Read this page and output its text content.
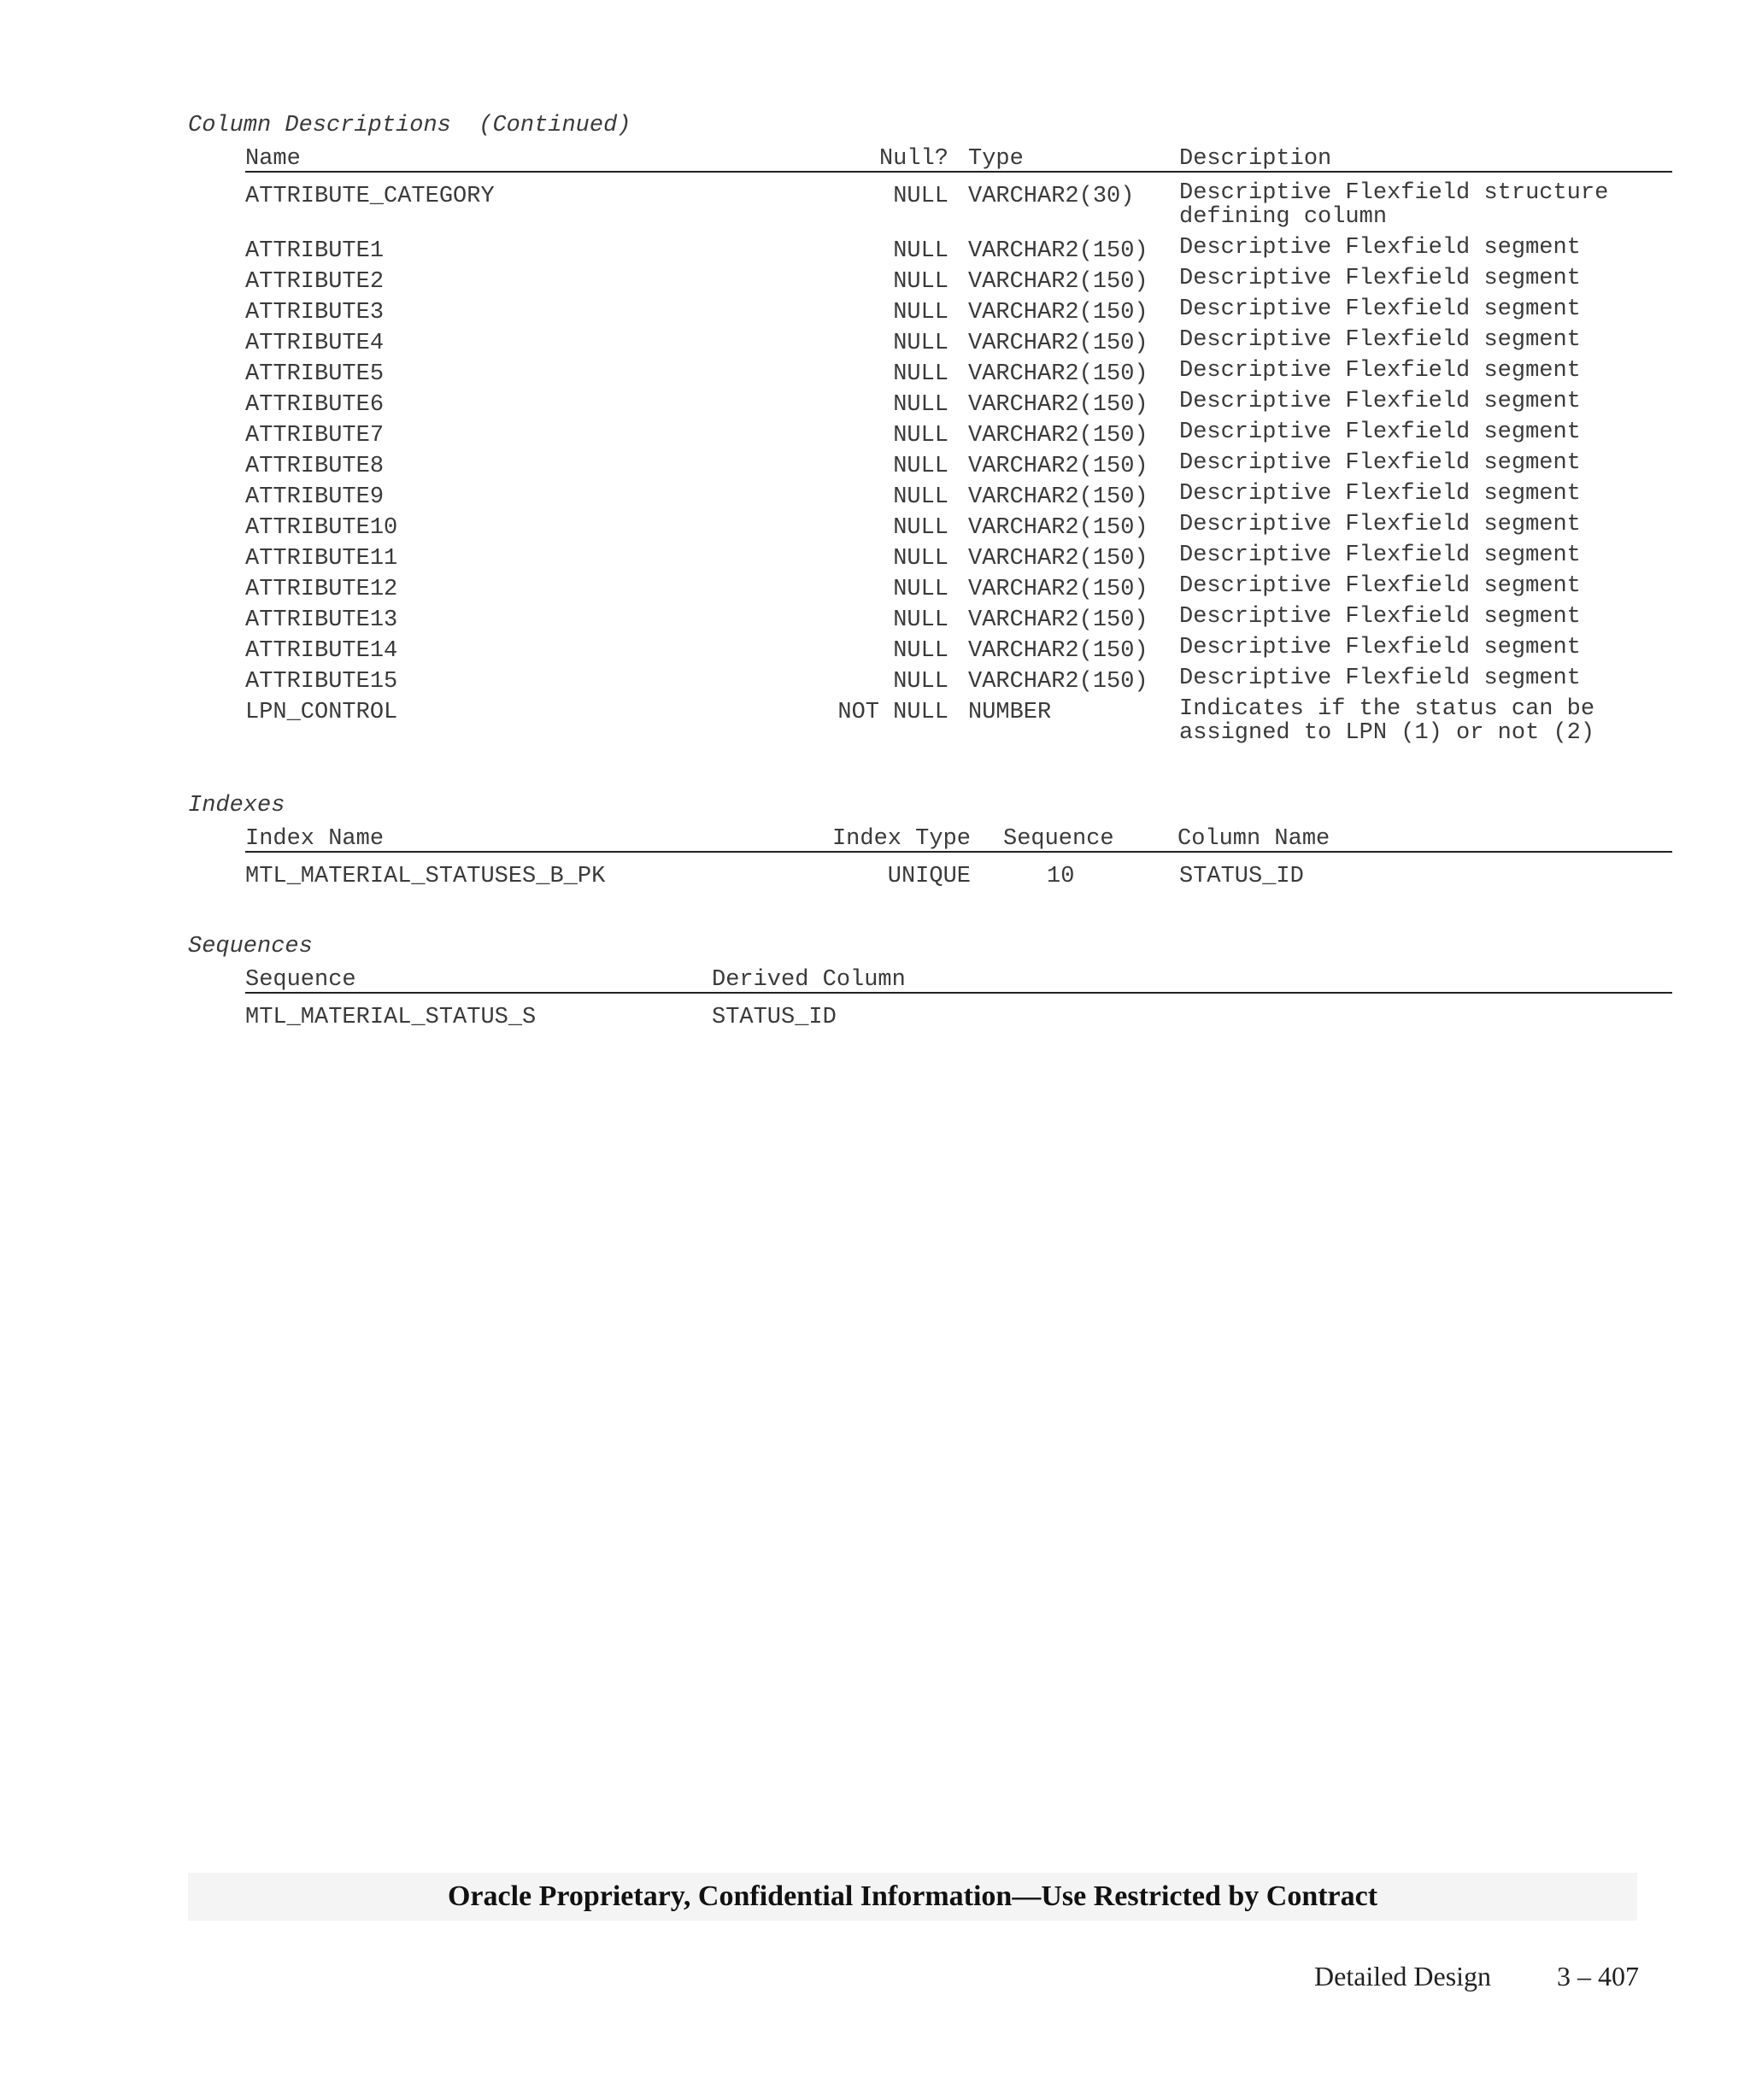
Column Descriptions (Continued)
Name	Null? Type	Description
ATTRIBUTE_CATEGORY	NULL VARCHAR2(30) Descriptive Flexfield structure
defining column
ATTRIBUTE1	NULL VARCHAR2(150) Descriptive Flexfield segment
ATTRIBUTE2	NULL VARCHAR2(150) Descriptive Flexfield segment
ATTRIBUTE3	NULL VARCHAR2(150) Descriptive Flexfield segment
ATTRIBUTE4	NULL VARCHAR2(150) Descriptive Flexfield segment
ATTRIBUTE5	NULL VARCHAR2(150) Descriptive Flexfield segment
ATTRIBUTE6	NULL VARCHAR2(150) Descriptive Flexfield segment
ATTRIBUTE7	NULL VARCHAR2(150) Descriptive Flexfield segment
ATTRIBUTE8	NULL VARCHAR2(150) Descriptive Flexfield segment
ATTRIBUTE9	NULL VARCHAR2(150) Descriptive Flexfield segment
ATTRIBUTE10	NULL VARCHAR2(150) Descriptive Flexfield segment
ATTRIBUTE11	NULL VARCHAR2(150) Descriptive Flexfield segment
ATTRIBUTE12	NULL VARCHAR2(150) Descriptive Flexfield segment
ATTRIBUTE13	NULL VARCHAR2(150) Descriptive Flexfield segment
ATTRIBUTE14	NULL VARCHAR2(150) Descriptive Flexfield segment
ATTRIBUTE15	NULL VARCHAR2(150) Descriptive Flexfield segment
LPN_CONTROL	NOT NULL NUMBER	Indicates if the status can be
assigned to LPN (1) or not (2)
Indexes
Index Name	Index Type Sequence	Column Name
MTL_MATERIAL_STATUSES_B_PK	UNIQUE	10	STATUS_ID
Sequences
Sequence	Derived Column
MTL_MATERIAL_STATUS_S	STATUS_ID
Oracle Proprietary, Confidential Information––Use Restricted by Contract
Detailed Design 3 – 407
